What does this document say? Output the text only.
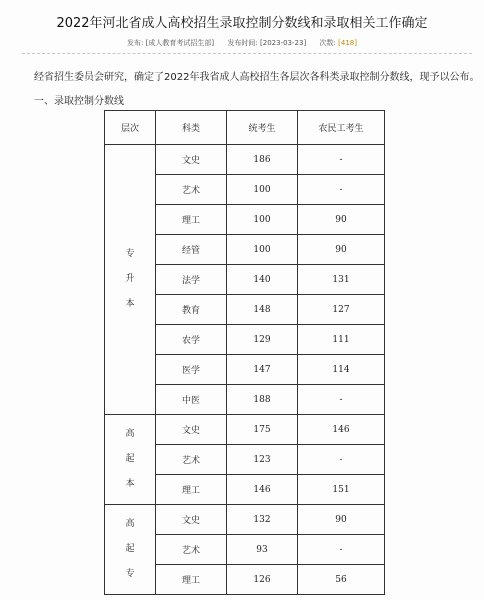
2022年河北省成人高校招生录取控制分数线和录取相关工作确定
发布: [成人教育考试招生部] 发布时间: [2023-03-23] 次数: [418]
经省招生委员会研究，确定了2022年我省成人高校招生各层次各科类录取控制分数线，现予以公布。
一、录取控制分数线
层次	科类	统考生	农民工考生

专
升
本	文史	186	-
	艺术	100	-
	理工	100	90
	经管	100	90
	法学	140	131
	教育	148	127
	农学	129	111
	医学	147	114
	中医	188	-

高
起
本	文史	175	146
	艺术	123	-
	理工	146	151

高
起
专	文史	132	90
	艺术	93	-
	理工	126	56
